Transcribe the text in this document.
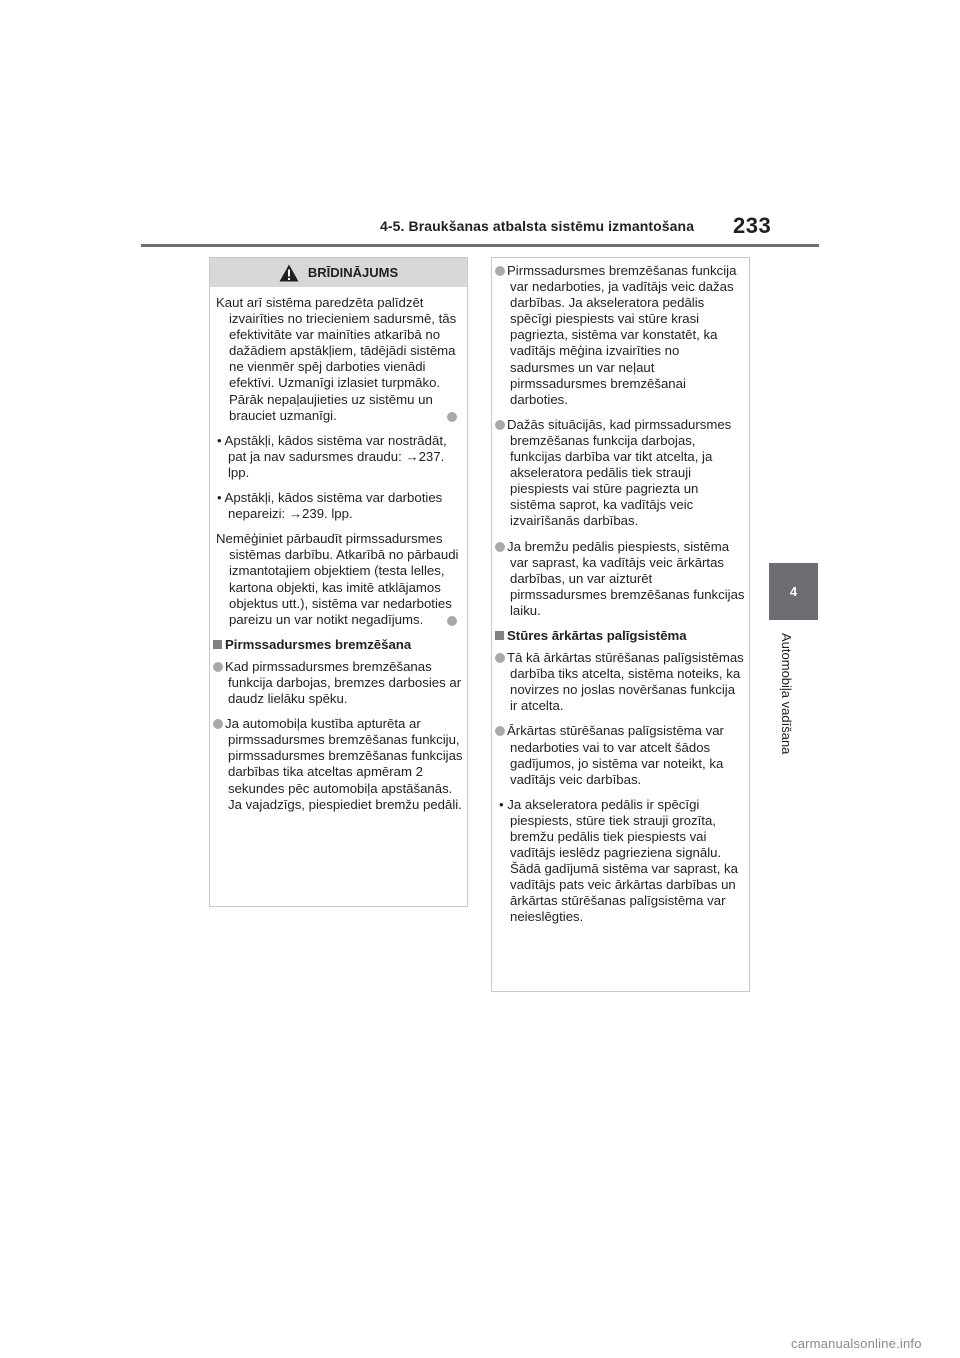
4-5. Braukšanas atbalsta sistēmu izmantošana 233
4
Automobiļa vadīšana
BRĪDINĀJUMS

Kaut arī sistēma paredzēta palīdzēt izvairīties no triecieniem sadursmē, tās efektivitāte var mainīties atkarībā no dažādiem apstākļiem, tādējādi sistēma ne vienmēr spēj darboties vienādi efektīvi. Uzmanīgi izlasiet turpmāko. Pārāk nepaļaujieties uz sistēmu un brauciet uzmanīgi.

• Apstākļi, kādos sistēma var nostrādāt, pat ja nav sadursmes draudu: →237. lpp.

• Apstākļi, kādos sistēma var darboties nepareizi: →239. lpp.

Nemēģiniet pārbaudīt pirmssadursmes sistēmas darbību. Atkarībā no pārbaudi izmantotajiem objektiem (testa lelles, kartona objekti, kas imitē atklājamos objektus utt.), sistēma var nedarboties pareizu un var notikt negadījums.

Pirmssadursmes bremzēšana

Kad pirmssadursmes bremzēšanas funkcija darbojas, bremzes darbosies ar daudz lielāku spēku.

Ja automobiļa kustība apturēta ar pirmssadursmes bremzēšanas funkciju, pirmssadursmes bremzēšanas funkcijas darbības tika atceltas apmēram 2 sekundes pēc automobiļa apstāšanās. Ja vajadzīgs, piespiediet bremžu pedāli.

Pirmssadursmes bremzēšanas funkcija var nedarboties, ja vadītājs veic dažas darbības. Ja akseleratora pedālis spēcīgi piespiests vai stūre krasi pagriezta, sistēma var konstatēt, ka vadītājs mēģina izvairīties no sadursmes un var neļaut pirmssadursmes bremzēšanai darboties.

Dažās situācijās, kad pirmssadursmes bremzēšanas funkcija darbojas, funkcijas darbība var tikt atcelta, ja akseleratora pedālis tiek strauji piespiests vai stūre pagriezta un sistēma saprot, ka vadītājs veic izvairīšanās darbības.

Ja bremžu pedālis piespiests, sistēma var saprast, ka vadītājs veic ārkārtas darbības, un var aizturēt pirmssadursmes bremzēšanas funkcijas laiku.

Stūres ārkārtas palīgsistēma

Tā kā ārkārtas stūrēšanas palīgsistēmas darbība tiks atcelta, sistēma noteiks, ka novirzes no joslas novēršanas funkcija ir atcelta.

Ārkārtas stūrēšanas palīgsistēma var nedarboties vai to var atcelt šādos gadījumos, jo sistēma var noteikt, ka vadītājs veic darbības.

• Ja akseleratora pedālis ir spēcīgi piespiests, stūre tiek strauji grozīta, bremžu pedālis tiek piespiests vai vadītājs ieslēdz pagrieziena signālu. Šādā gadījumā sistēma var saprast, ka vadītājs pats veic ārkārtas darbības un ārkārtas stūrēšanas palīgsistēma var neieslēgties.

carmanualsonline.info
